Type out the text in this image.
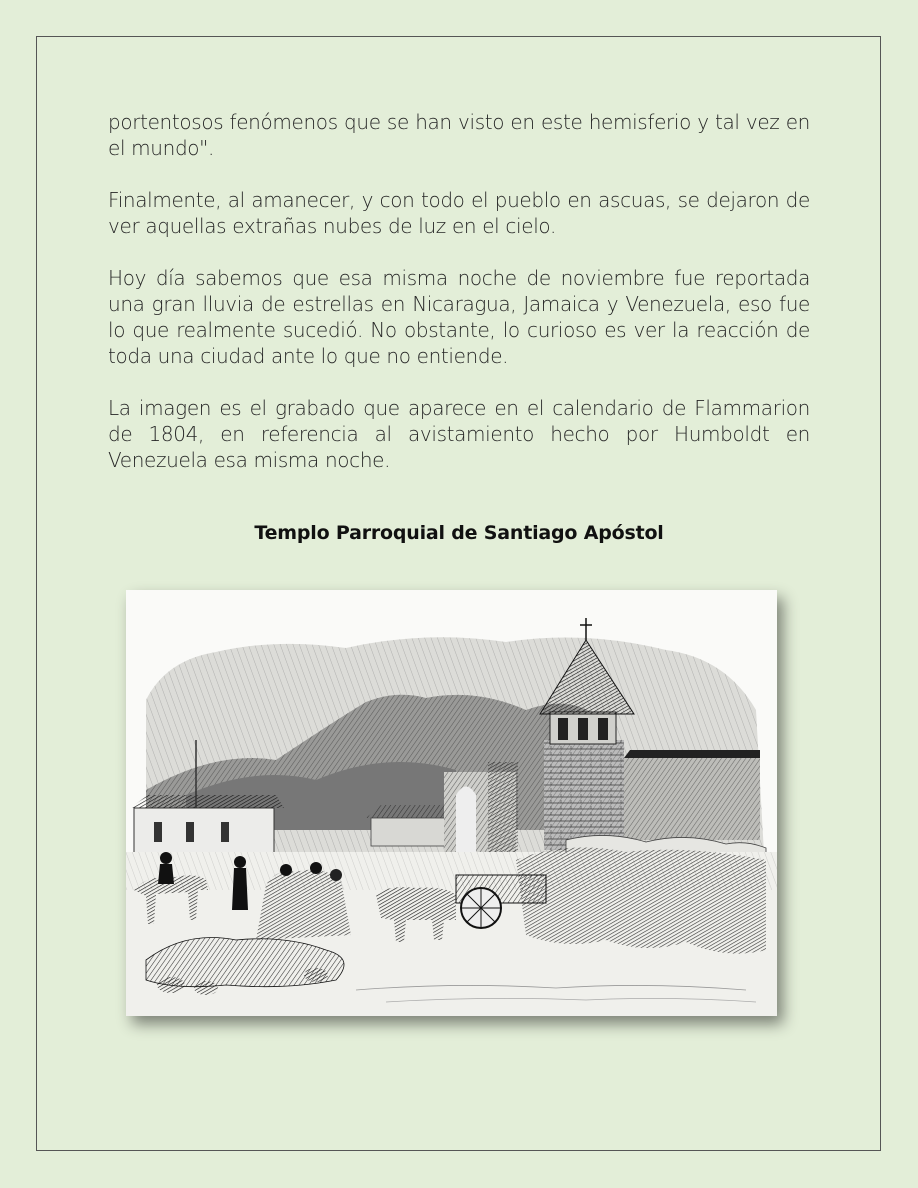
portentosos fenómenos que se han visto en este hemisferio y tal vez en el mundo".

Finalmente, al amanecer, y con todo el pueblo en ascuas, se dejaron de ver aquellas extrañas nubes de luz en el cielo.

Hoy día sabemos que esa misma noche de noviembre fue reportada una gran lluvia de estrellas en Nicaragua, Jamaica y Venezuela, eso fue lo que realmente sucedió. No obstante, lo curioso es ver la reacción de toda una ciudad ante lo que no entiende.

La imagen es el grabado que aparece en el calendario de Flammarion de 1804, en referencia al avistamiento hecho por Humboldt en Venezuela esa misma noche.

Templo Parroquial de Santiago Apóstol
